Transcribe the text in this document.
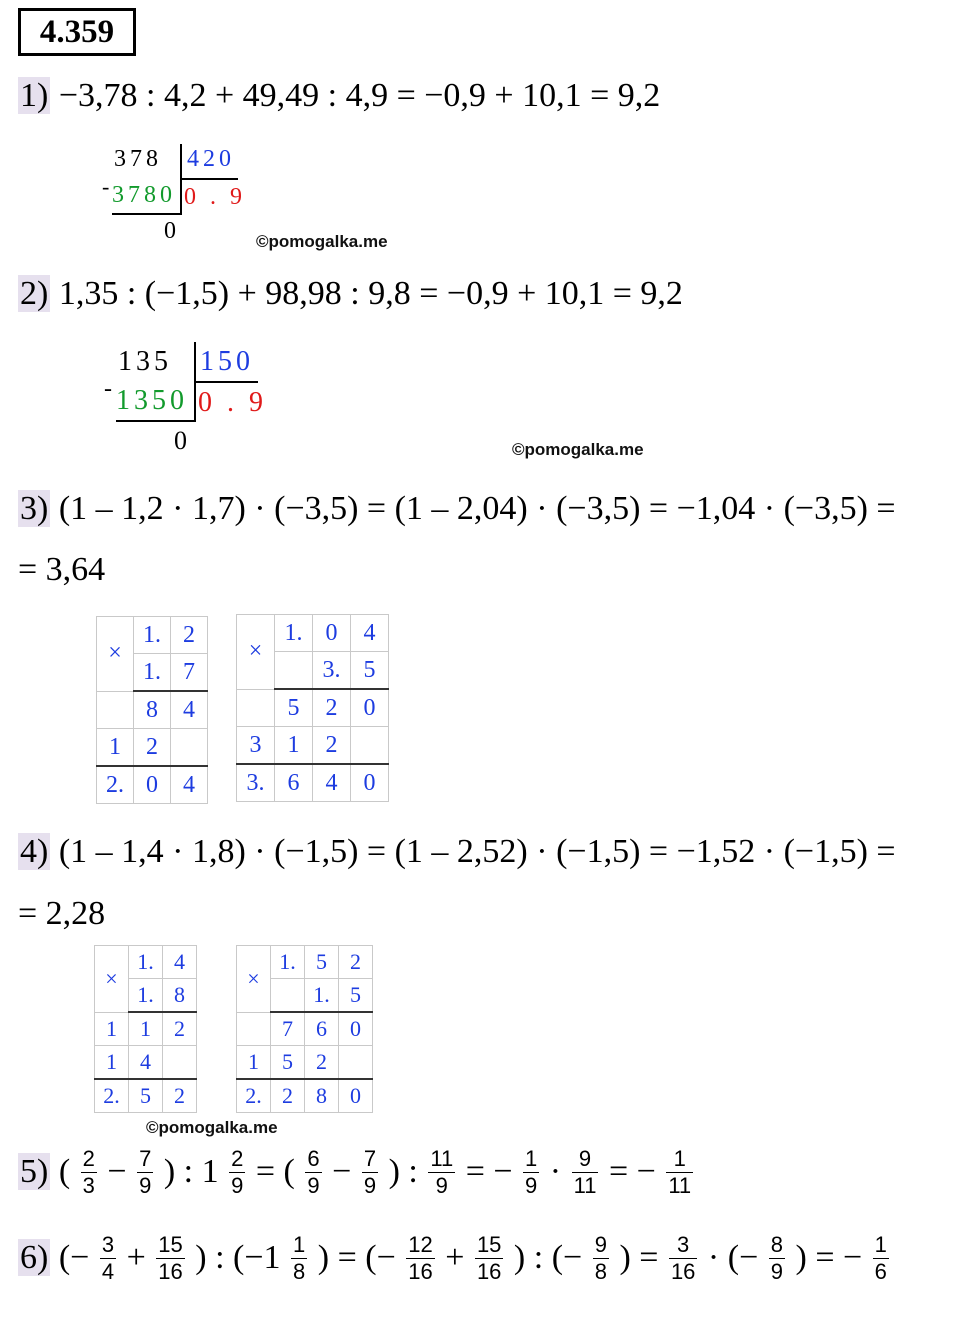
4.359
1) −3,78 : 4,2 + 49,49 : 4,9 = −0,9 + 10,1 = 9,2
378 420
- 3780 0 . 9
0	©pomogalka.me
2) 1,35 : (−1,5) + 98,98 : 9,8 = −0,9 + 10,1 = 9,2
135 150
- 1350 0 . 9
0	©pomogalka.me
3) (1 – 1,2 · 1,7) · (−3,5) = (1 – 2,04) · (−3,5) = −1,04 · (−3,5) =
= 3,64
×	1.	2
	1.	7
	8	4
1	2	
2.	0	4
×	1.	0	4
		3.	5
	5	2	0
3	1	2	
3.	6	4	0
4) (1 – 1,4 · 1,8) · (−1,5) = (1 – 2,52) · (−1,5) = −1,52 · (−1,5) =
= 2,28
×	1.	4
	1.	8
1	1	2
1	4	
2.	5	2
×	1.	5	2
		1.	5
	7	6	0
1	5	2	
2.	2	8	0
©pomogalka.me
5) ( $\frac{2}{3} - \frac{7}{9}$ ) : $1 \frac{2}{9}$ = ( $\frac{6}{9} - \frac{7}{9}$ ) : $\frac{11}{9}$ = − $\frac{1}{9} \cdot \frac{9}{11}$ = − $\frac{1}{11}$
6) (− $\frac{3}{4} + \frac{15}{16}$ ) : ($-1 \frac{1}{8}$ ) = (− $\frac{12}{16} + \frac{15}{16}$ ) : (− $\frac{9}{8}$ ) = $\frac{3}{16}$ · (− $\frac{8}{9}$ ) = − $\frac{1}{6}$
